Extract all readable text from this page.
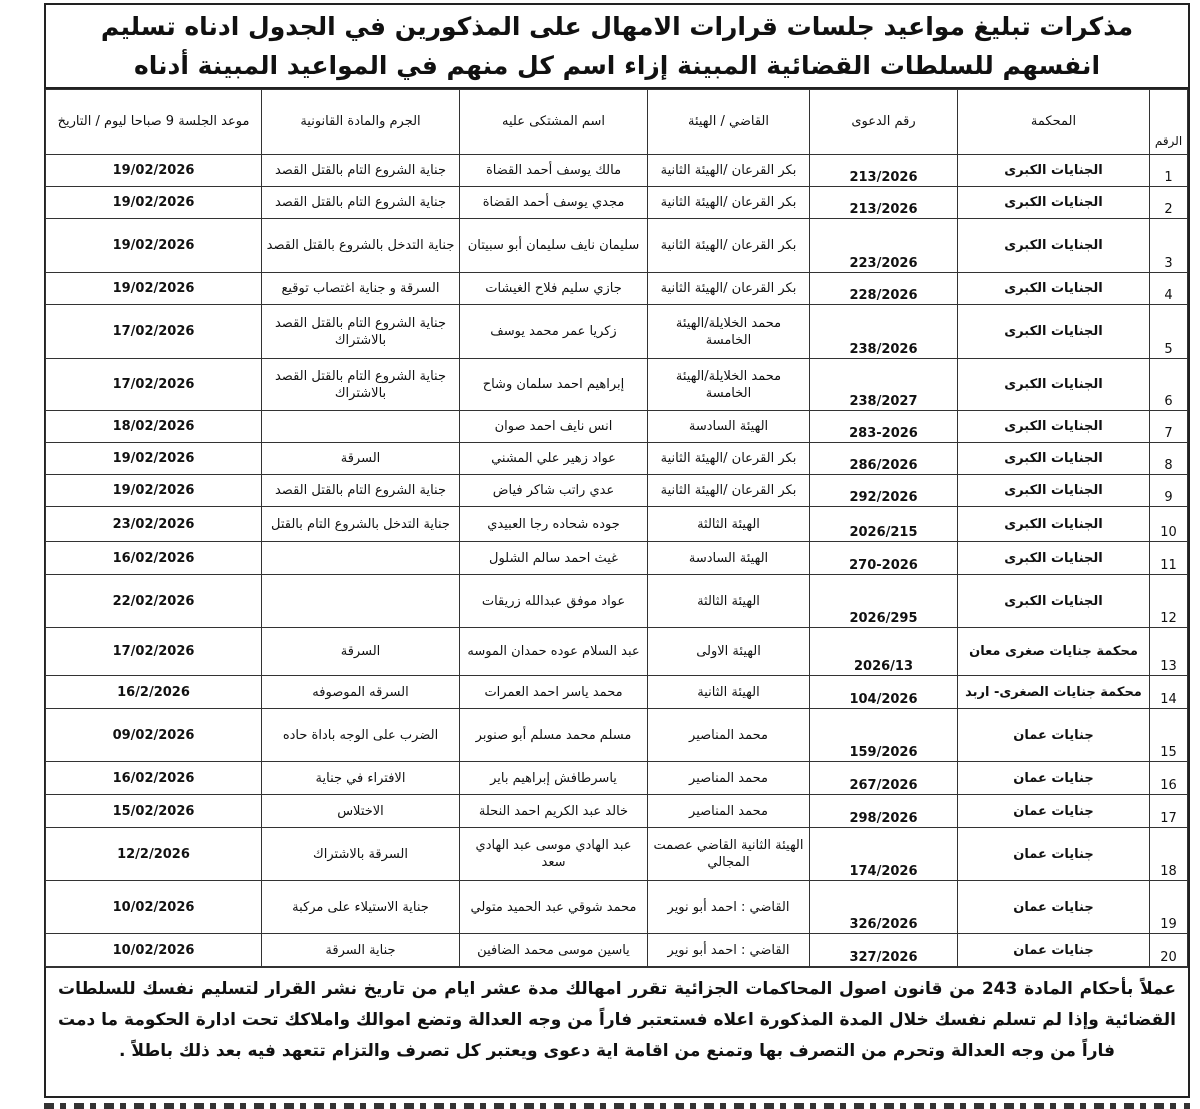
مذكرات تبليغ مواعيد جلسات قرارات الامهال على المذكورين في الجدول ادناه تسليم انفسهم للسلطات القضائية المبينة إزاء اسم كل منهم في المواعيد المبينة أدناه
الرقم	المحكمة	رقم الدعوى	القاضي / الهيئة	اسم المشتكى عليه	الجرم والمادة القانونية	موعد الجلسة 9 صباحا ليوم / التاريخ
1	الجنايات الكبرى	213/2026	بكر القرعان /الهيئة الثانية	مالك يوسف أحمد القضاة	جناية الشروع التام بالقتل القصد	19/02/2026
2	الجنايات الكبرى	213/2026	بكر القرعان /الهيئة الثانية	مجدي يوسف أحمد القضاة	جناية الشروع التام بالقتل القصد	19/02/2026
3	الجنايات الكبرى	223/2026	بكر القرعان /الهيئة الثانية	سليمان نايف سليمان أبو سبيتان	جناية التدخل بالشروع بالقتل القصد	19/02/2026
4	الجنايات الكبرى	228/2026	بكر القرعان /الهيئة الثانية	جازي سليم فلاح الغيشات	السرقة و جناية اغتصاب توقيع	19/02/2026
5	الجنايات الكبرى	238/2026	محمد الخلايلة/الهيئة الخامسة	زكريا عمر محمد يوسف	جناية الشروع التام بالقتل القصد بالاشتراك	17/02/2026
6	الجنايات الكبرى	238/2027	محمد الخلايلة/الهيئة الخامسة	إبراهيم احمد سلمان وشاح	جناية الشروع التام بالقتل القصد بالاشتراك	17/02/2026
7	الجنايات الكبرى	283-2026	الهيئة السادسة	انس نايف احمد صوان		18/02/2026
8	الجنايات الكبرى	286/2026	بكر القرعان /الهيئة الثانية	عواد زهير علي المشني	السرقة	19/02/2026
9	الجنايات الكبرى	292/2026	بكر القرعان /الهيئة الثانية	عدي راتب شاكر فياض	جناية الشروع التام بالقتل القصد	19/02/2026
10	الجنايات الكبرى	2026/215	الهيئة الثالثة	جوده شحاده رجا العبيدي	جناية التدخل بالشروع التام بالقتل	23/02/2026
11	الجنايات الكبرى	270-2026	الهيئة السادسة	غيث احمد سالم الشلول		16/02/2026
12	الجنايات الكبرى	2026/295	الهيئة الثالثة	عواد موفق عبدالله زريقات		22/02/2026
13	محكمة جنايات صغرى معان	2026/13	الهيئة الاولى	عبد السلام عوده حمدان الموسه	السرقة	17/02/2026
14	محكمة جنايات الصغرى- اربد	104/2026	الهيئة الثانية	محمد ياسر احمد العمرات	السرقه الموصوفه	16/2/2026
15	جنايات عمان	159/2026	محمد المناصير	مسلم محمد مسلم أبو صنوبر	الضرب على الوجه باداة حاده	09/02/2026
16	جنايات عمان	267/2026	محمد المناصير	ياسرطافش إبراهيم باير	الافتراء في جناية	16/02/2026
17	جنايات عمان	298/2026	محمد المناصير	خالد عبد الكريم احمد النحلة	الاختلاس	15/02/2026
18	جنايات عمان	174/2026	الهيئة الثانية القاضي عصمت المجالي	عبد الهادي موسى عبد الهادي سعد	السرقة بالاشتراك	12/2/2026
19	جنايات عمان	326/2026	القاضي : احمد أبو نوير	محمد شوقي عبد الحميد متولي	جناية الاستيلاء على مركبة	10/02/2026
20	جنايات عمان	327/2026	القاضي : احمد أبو نوير	ياسين موسى محمد الضافين	جناية السرقة	10/02/2026
عملاً بأحكام المادة 243 من قانون اصول المحاكمات الجزائية تقرر امهالك مدة عشر ايام من تاريخ نشر القرار لتسليم نفسك للسلطات القضائية وإذا لم تسلم نفسك خلال المدة المذكورة اعلاه فستعتبر فاراً من وجه العدالة وتضع اموالك واملاكك تحت ادارة الحكومة ما دمت فاراً من وجه العدالة وتحرم من التصرف بها وتمنع من اقامة اية دعوى ويعتبر كل تصرف والتزام تتعهد فيه بعد ذلك باطلاً .
